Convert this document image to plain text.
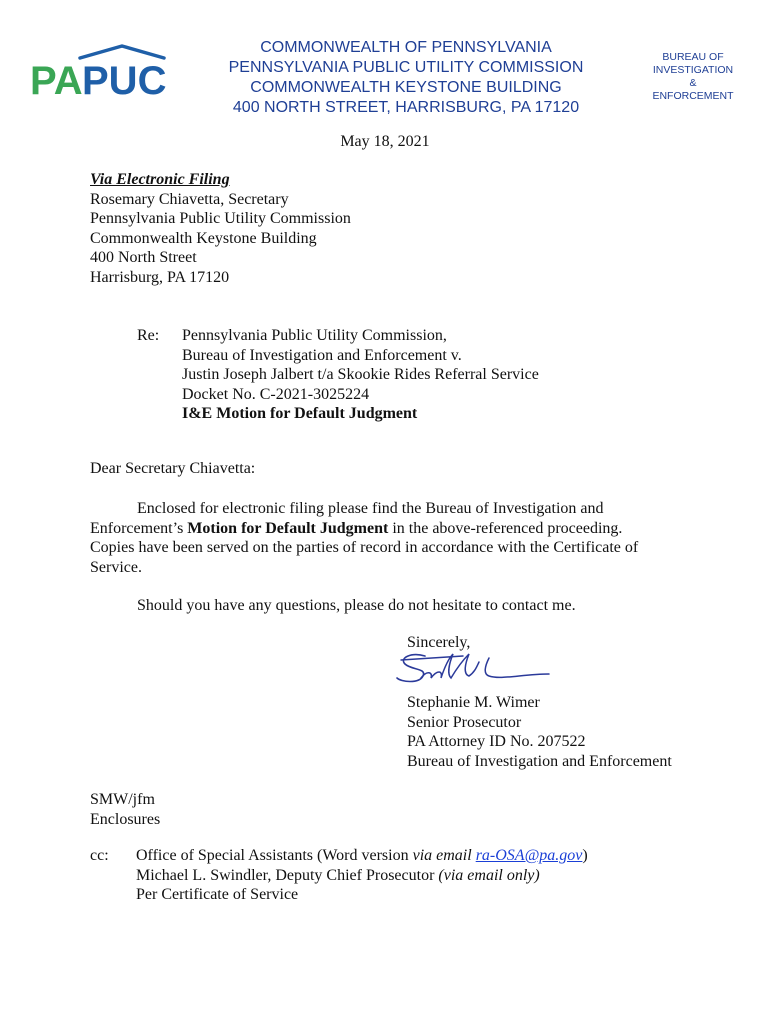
PA PUC
COMMONWEALTH OF PENNSYLVANIA
PENNSYLVANIA PUBLIC UTILITY COMMISSION
COMMONWEALTH KEYSTONE BUILDING
400 NORTH STREET, HARRISBURG, PA 17120
BUREAU OF
INVESTIGATION
&
ENFORCEMENT
May 18, 2021
Via Electronic Filing
Rosemary Chiavetta, Secretary
Pennsylvania Public Utility Commission
Commonwealth Keystone Building
400 North Street
Harrisburg, PA 17120
Re: Pennsylvania Public Utility Commission,
Bureau of Investigation and Enforcement v.
Justin Joseph Jalbert t/a Skookie Rides Referral Service
Docket No. C-2021-3025224
I&E Motion for Default Judgment
Dear Secretary Chiavetta:
Enclosed for electronic filing please find the Bureau of Investigation and
Enforcement’s Motion for Default Judgment in the above-referenced proceeding.
Copies have been served on the parties of record in accordance with the Certificate of
Service.
Should you have any questions, please do not hesitate to contact me.
Sincerely,
Stephanie M. Wimer
Senior Prosecutor
PA Attorney ID No. 207522
Bureau of Investigation and Enforcement
SMW/jfm
Enclosures
cc: Office of Special Assistants (Word version via email ra-OSA@pa.gov)
Michael L. Swindler, Deputy Chief Prosecutor (via email only)
Per Certificate of Service
